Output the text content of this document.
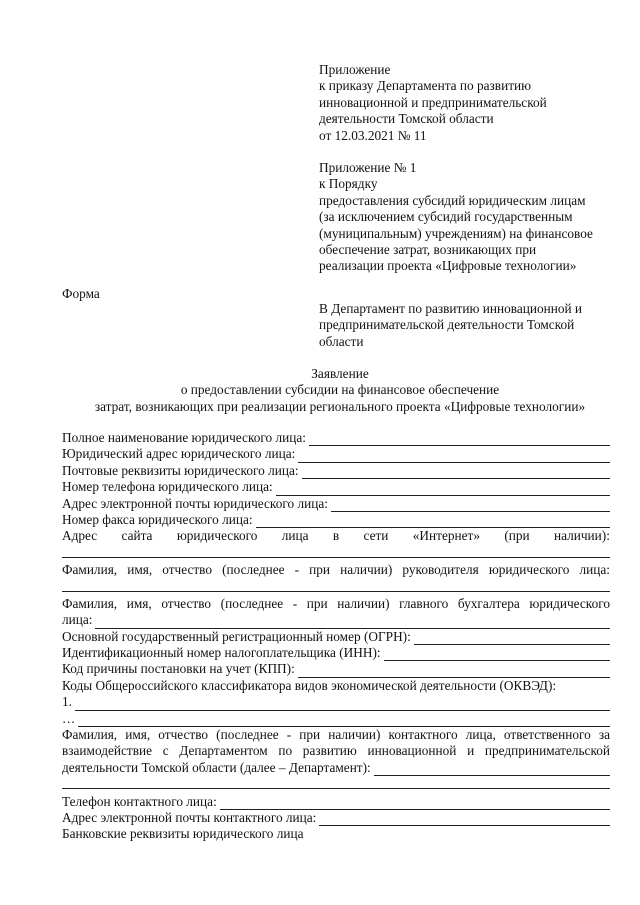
Приложение
к приказу Департамента по развитию
инновационной и предпринимательской
деятельности Томской области
от 12.03.2021 № 11
Приложение № 1
к Порядку
предоставления субсидий юридическим лицам
(за исключением субсидий государственным
(муниципальным) учреждениям) на финансовое
обеспечение затрат, возникающих при
реализации проекта «Цифровые технологии»
Форма
В Департамент по развитию инновационной и
предпринимательской деятельности Томской
области
Заявление
о предоставлении субсидии на финансовое обеспечение
затрат, возникающих при реализации регионального проекта «Цифровые технологии»
Полное наименование юридического лица:
Юридический адрес юридического лица:
Почтовые реквизиты юридического лица:
Номер телефона юридического лица:
Адрес электронной почты юридического лица:
Номер факса юридического лица:
Адрес сайта юридического лица в сети «Интернет» (при наличии):
Фамилия, имя, отчество (последнее - при наличии) руководителя юридического лица:
Фамилия, имя, отчество (последнее - при наличии) главного бухгалтера юридического
лица:
Основной государственный регистрационный номер (ОГРН):
Идентификационный номер налогоплательщика (ИНН):
Код причины постановки на учет (КПП):
Коды Общероссийского классификатора видов экономической деятельности (ОКВЭД):
1.
…
Фамилия, имя, отчество (последнее - при наличии) контактного лица, ответственного за
взаимодействие с Департаментом по развитию инновационной и предпринимательской
деятельности Томской области (далее – Департамент):
Телефон контактного лица:
Адрес электронной почты контактного лица:
Банковские реквизиты юридического лица
